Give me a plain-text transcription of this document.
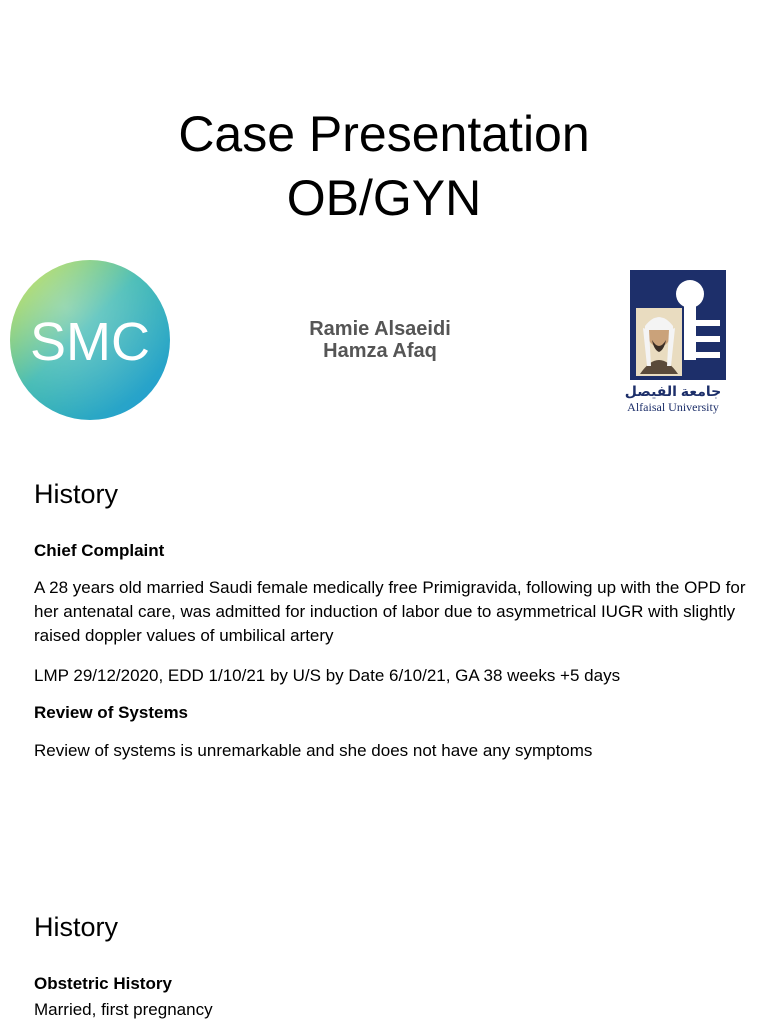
Case Presentation
OB/GYN
SMC	Ramie Alsaeidi
Hamza Afaq
جامعة الفيصل
Alfaisal University
History
Chief Complaint
A 28 years old married Saudi female medically free Primigravida, following up with the OPD for her antenatal care, was admitted for induction of labor due to asymmetrical IUGR with slightly raised doppler values of umbilical artery
LMP 29/12/2020, EDD 1/10/21 by U/S by Date 6/10/21, GA 38 weeks +5 days
Review of Systems
Review of systems is unremarkable and she does not have any symptoms
History
Obstetric History
Married, first pregnancy
